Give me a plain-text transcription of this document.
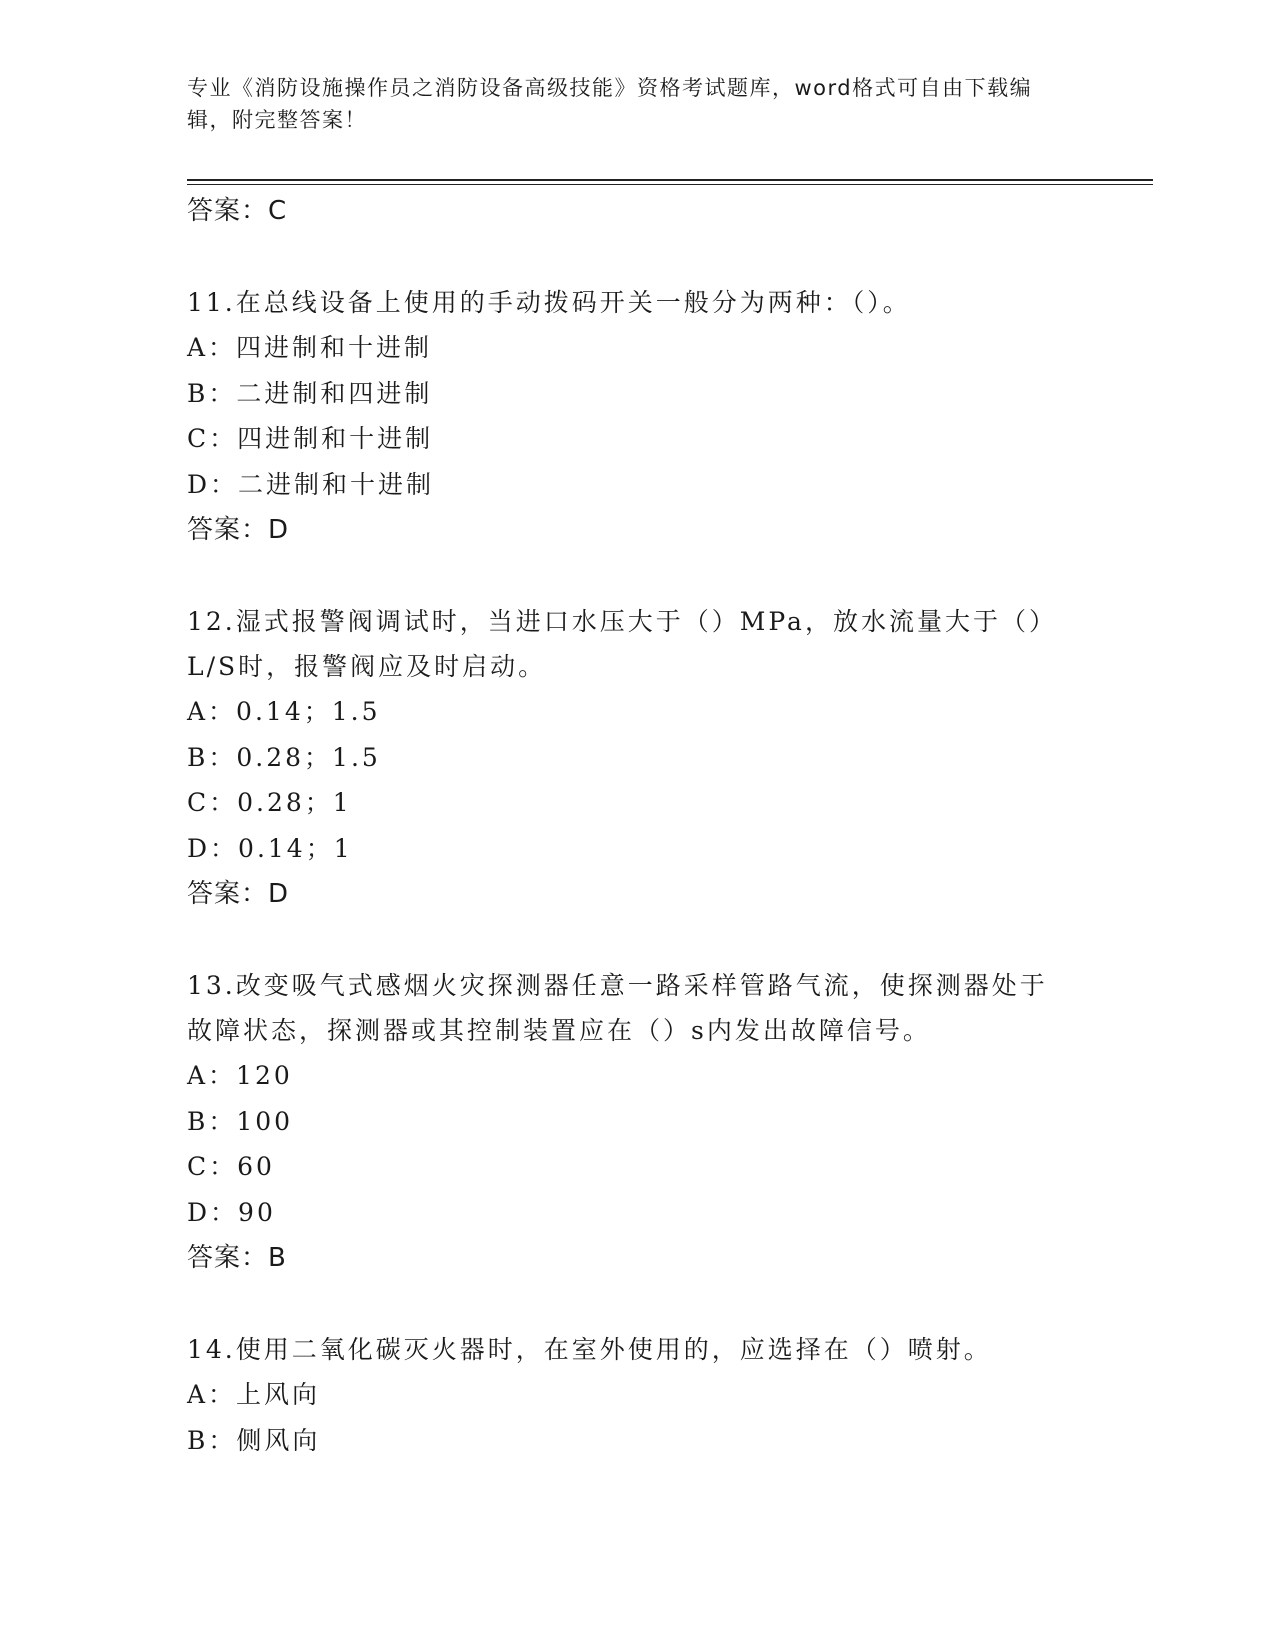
专业《消防设施操作员之消防设备高级技能》资格考试题库，word格式可自由下载编辑，附完整答案！
答案：C
11.在总线设备上使用的手动拨码开关一般分为两种：（）。
A：四进制和十进制
B：二进制和四进制
C：四进制和十进制
D：二进制和十进制
答案：D
12.湿式报警阀调试时，当进口水压大于（）MPa，放水流量大于（）L/S时，报警阀应及时启动。
A：0.14；1.5
B：0.28；1.5
C：0.28；1
D：0.14；1
答案：D
13.改变吸气式感烟火灾探测器任意一路采样管路气流，使探测器处于故障状态，探测器或其控制装置应在（）s内发出故障信号。
A：120
B：100
C：60
D：90
答案：B
14.使用二氧化碳灭火器时，在室外使用的，应选择在（）喷射。
A：上风向
B：侧风向
